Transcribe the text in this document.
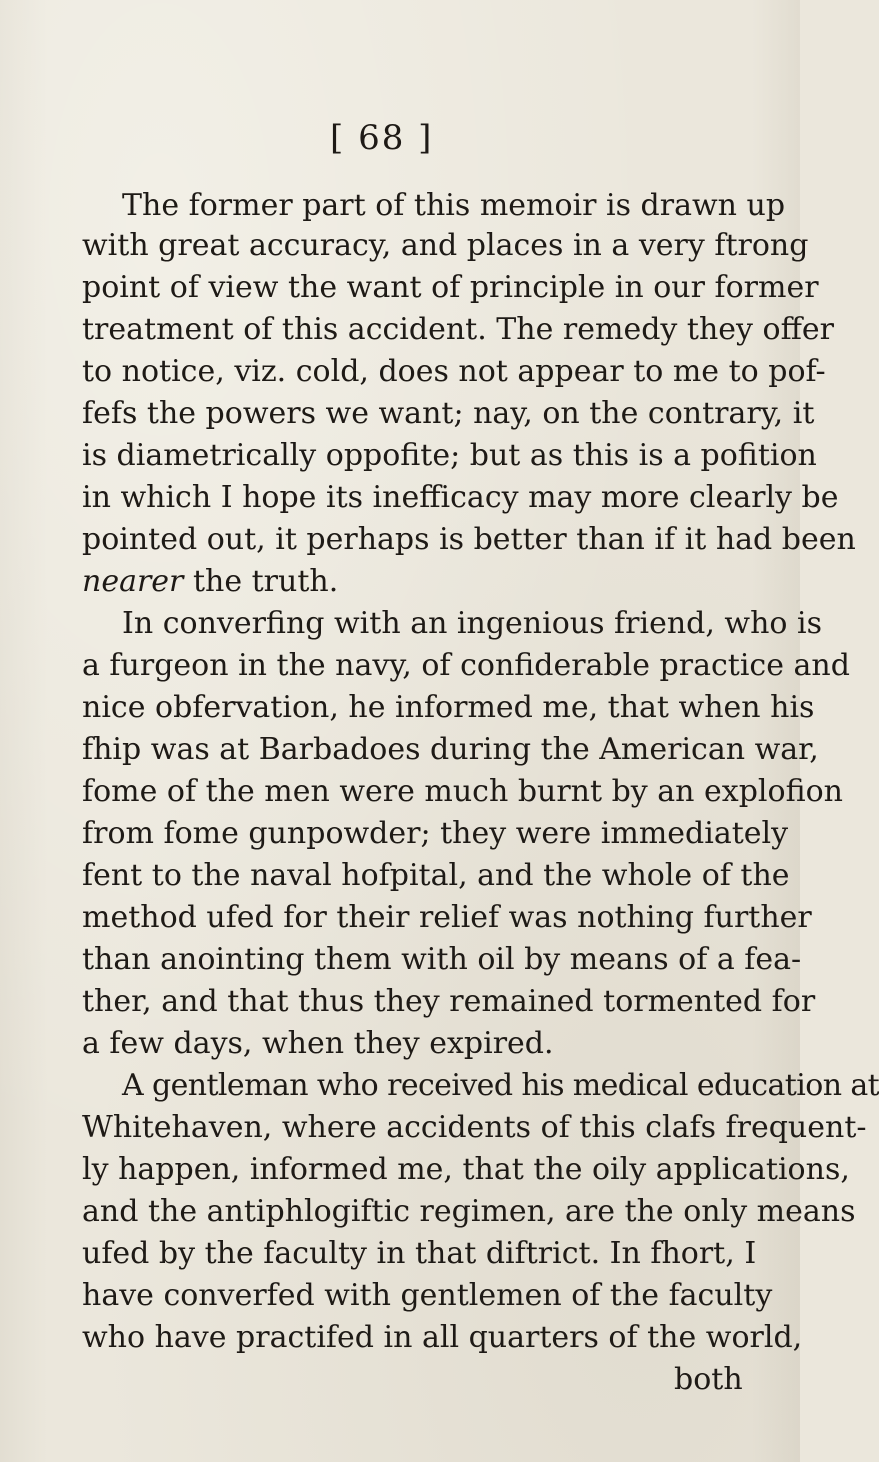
[ 68 ]
The former part of this memoir is drawn up
with great accuracy, and places in a very ftrong
point of view the want of principle in our former
treatment of this accident. The remedy they offer
to notice, viz. cold, does not appear to me to pof-
fefs the powers we want; nay, on the contrary, it
is diametrically oppofite; but as this is a pofition
in which I hope its inefficacy may more clearly be
pointed out, it perhaps is better than if it had been
nearer the truth.
In converfing with an ingenious friend, who is
a furgeon in the navy, of confiderable practice and
nice obfervation, he informed me, that when his
fhip was at Barbadoes during the American war,
fome of the men were much burnt by an explofion
from fome gunpowder; they were immediately
fent to the naval hofpital, and the whole of the
method ufed for their relief was nothing further
than anointing them with oil by means of a fea-
ther, and that thus they remained tormented for
a few days, when they expired.
A gentleman who received his medical education at
Whitehaven, where accidents of this clafs frequent-
ly happen, informed me, that the oily applications,
and the antiphlogiftic regimen, are the only means
ufed by the faculty in that diftrict. In fhort, I
have converfed with gentlemen of the faculty
who have practifed in all quarters of the world,
both
